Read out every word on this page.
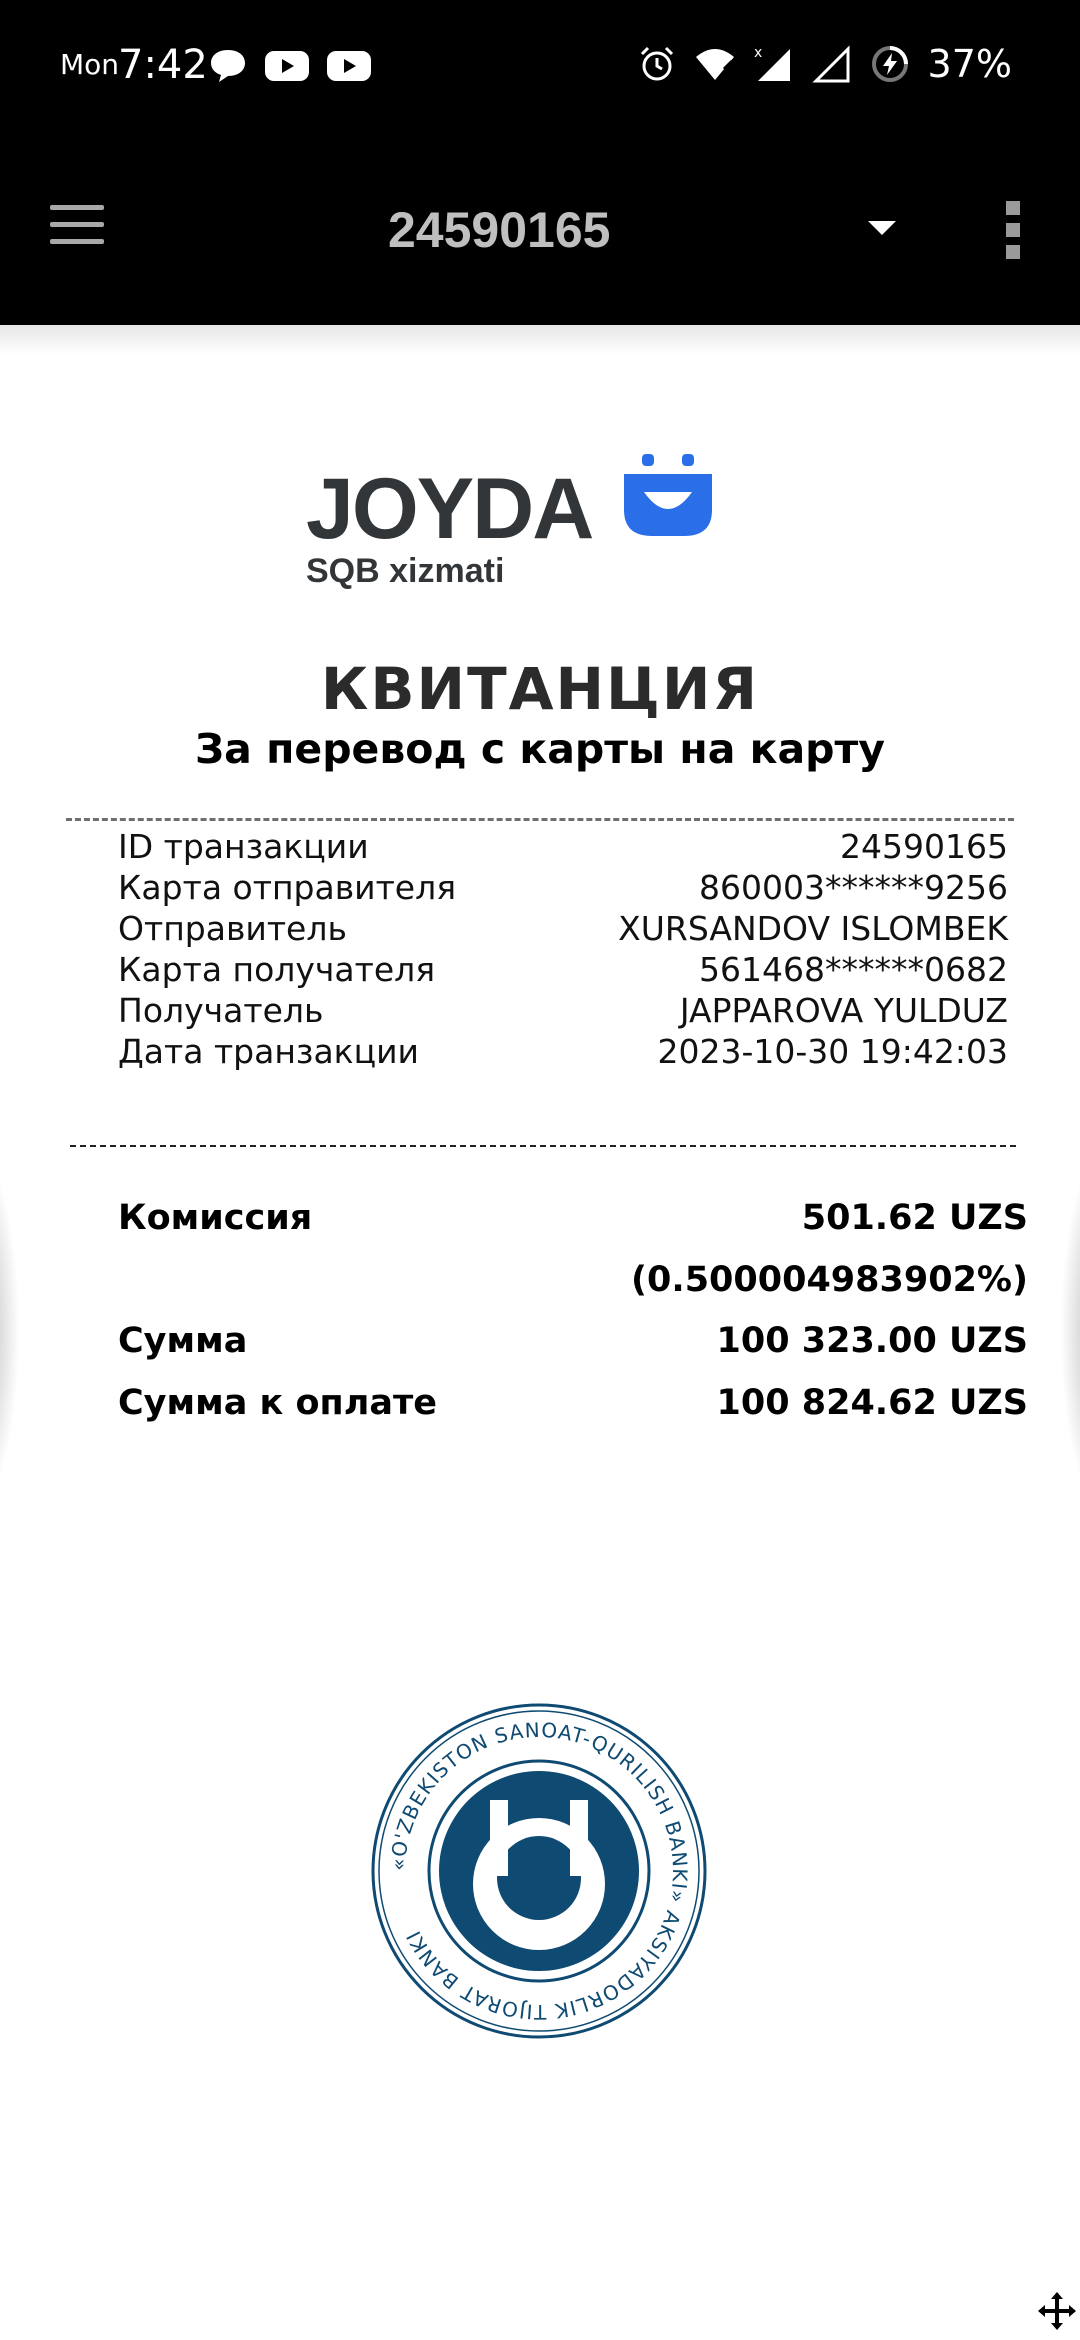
Mon
7:42	x	37%
24590165
JOYDA
SQB xizmati
КВИТАНЦИЯ
За перевод с карты на карту
ID транзакции	24590165
Карта отправителя	860003******9256
Отправитель	XURSANDOV ISLOMBEK
Карта получателя	561468******0682
Получатель	JAPPAROVA YULDUZ
Дата транзакции	2023-10-30 19:42:03
Комиссия	501.62 UZS
(0.500004983902%)
Сумма	100 323.00 UZS
Сумма к оплате	100 824.62 UZS
«O'ZBEKISTON SANOAT-QURILISH BANKI» AKSIYADORLIK TIJORAT BANKI
